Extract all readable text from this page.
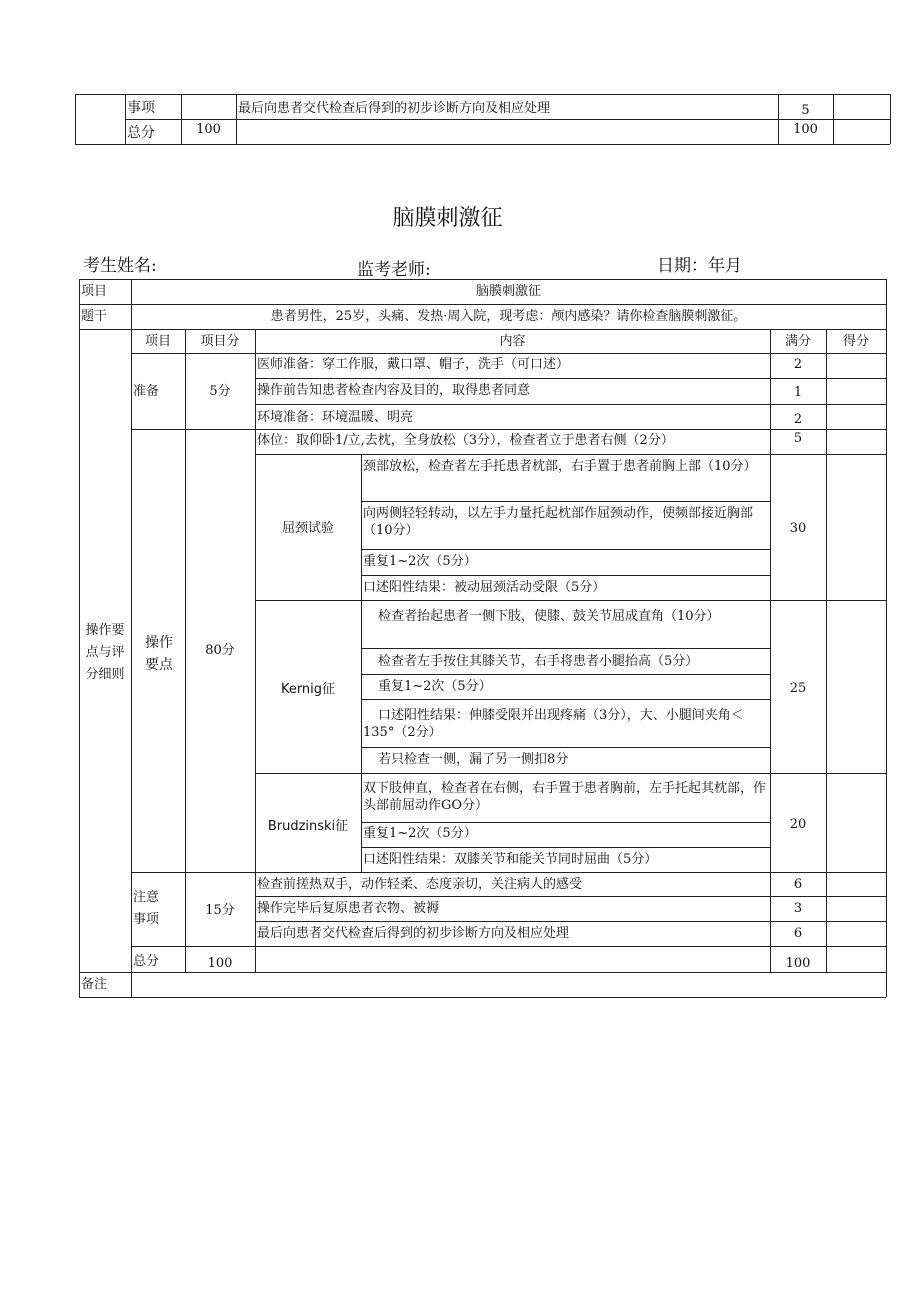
事项	最后向患者交代检查后得到的初步诊断方向及相应处理	5
总分	100	100
脑膜刺激征
考生姓名:	监考老师:	日期：年月
项目	脑膜刺激征
题干	患者男性，25岁，头痛、发热·周入院，现考虑：颅内感染？请你检查脑膜刺激征。
操作要点与评分细则
项目	项目分	内容	满分	得分
准备	5分
医师准备：穿工作服，戴口罩、帽子，洗手（可口述）	2
操作前告知患者检查内容及目的，取得患者同意	1
环境准备：环境温暖、明亮	2
操作要点
80分
体位：取仰卧1/立,去枕，全身放松（3分），检查者立于患者右侧（2分）	5
屈颈试验	30
颈部放松，检查者左手托患者枕部，右手置于患者前胸上部（10分）
向两侧轻轻转动，以左手力量托起枕部作屈颈动作，使频部接近胸部（10分）
重复1~2次（5分）
口述阳性结果：被动屈颈活动受限（5分）
Kernig征	25
检查者抬起患者一侧下肢，使膝、鼓关节屈成直角（10分）
检查者左手按住其膝关节，右手将患者小腿抬高（5分）
重复1~2次（5分）
口述阳性结果：伸膝受限并出现疼痛（3分），大、小腿间夹角＜135°（2分）
若只检查一侧，漏了另一侧扣8分
Brudzinski征	20
双下肢伸直，检查者在右侧，右手置于患者胸前，左手托起其枕部，作头部前屈动作GO分）
重复1~2次（5分）
口述阳性结果：双膝关节和能关节同时屈曲（5分）
注意事项
15分
检查前搓热双手，动作轻柔、态度亲切，关注病人的感受	6
操作完毕后复原患者衣物、被褥	3
最后向患者交代检查后得到的初步诊断方向及相应处理	6
总分	100	100
备注
